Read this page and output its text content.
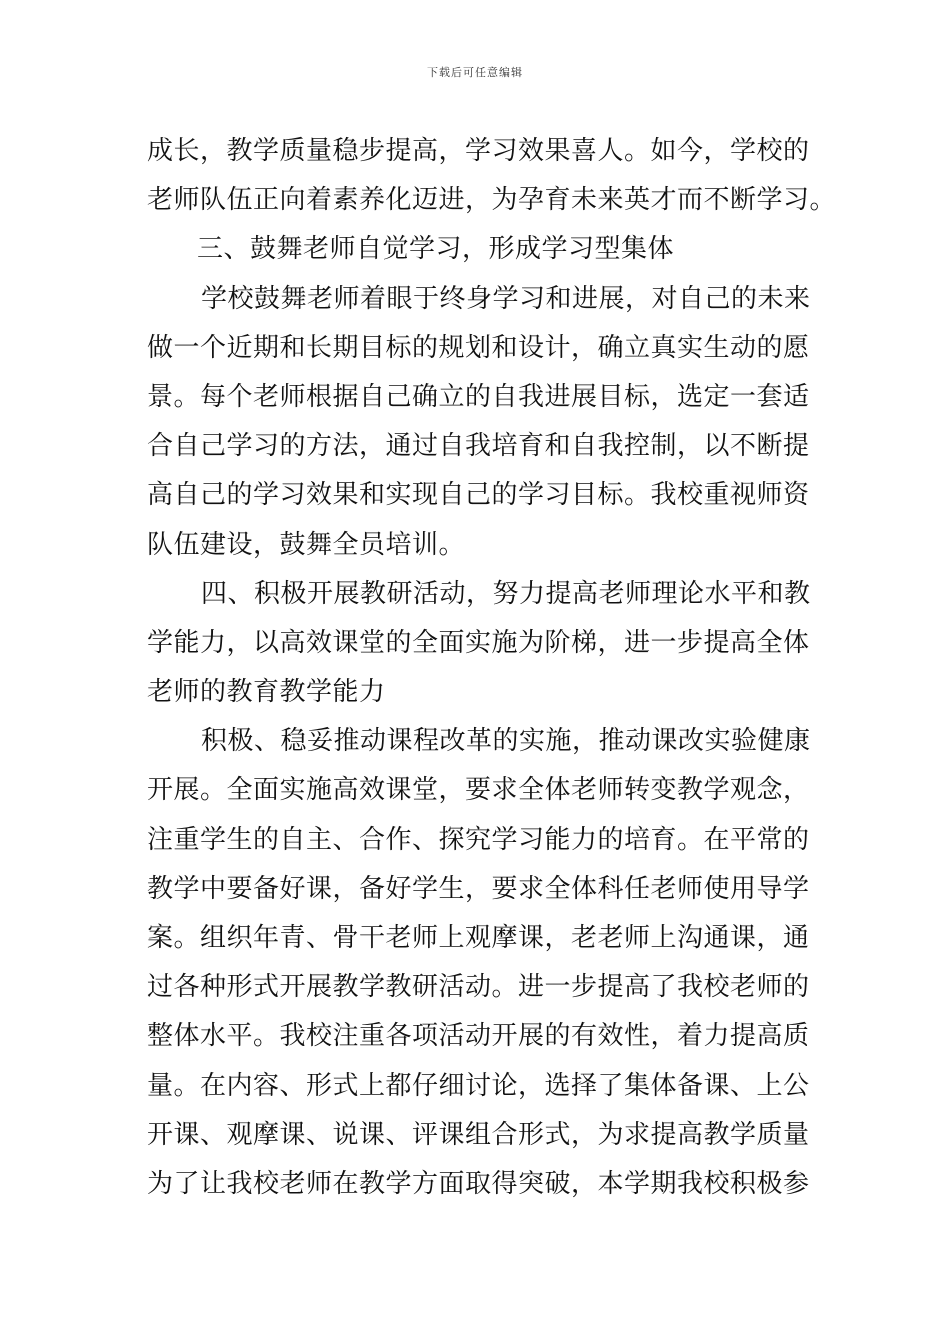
下载后可任意编辑
成长，教学质量稳步提高，学习效果喜人。如今，学校的
老师队伍正向着素养化迈进，为孕育未来英才而不断学习。
三、鼓舞老师自觉学习，形成学习型集体
学校鼓舞老师着眼于终身学习和进展，对自己的未来
做一个近期和长期目标的规划和设计，确立真实生动的愿
景。每个老师根据自己确立的自我进展目标，选定一套适
合自己学习的方法，通过自我培育和自我控制，以不断提
高自己的学习效果和实现自己的学习目标。我校重视师资
队伍建设，鼓舞全员培训。
四、积极开展教研活动，努力提高老师理论水平和教
学能力，以高效课堂的全面实施为阶梯，进一步提高全体
老师的教育教学能力
积极、稳妥推动课程改革的实施，推动课改实验健康
开展。全面实施高效课堂，要求全体老师转变教学观念，
注重学生的自主、合作、探究学习能力的培育。在平常的
教学中要备好课，备好学生，要求全体科任老师使用导学
案。组织年青、骨干老师上观摩课，老老师上沟通课，通
过各种形式开展教学教研活动。进一步提高了我校老师的
整体水平。我校注重各项活动开展的有效性，着力提高质
量。在内容、形式上都仔细讨论，选择了集体备课、上公
开课、观摩课、说课、评课组合形式，为求提高教学质量
为了让我校老师在教学方面取得突破，本学期我校积极参
